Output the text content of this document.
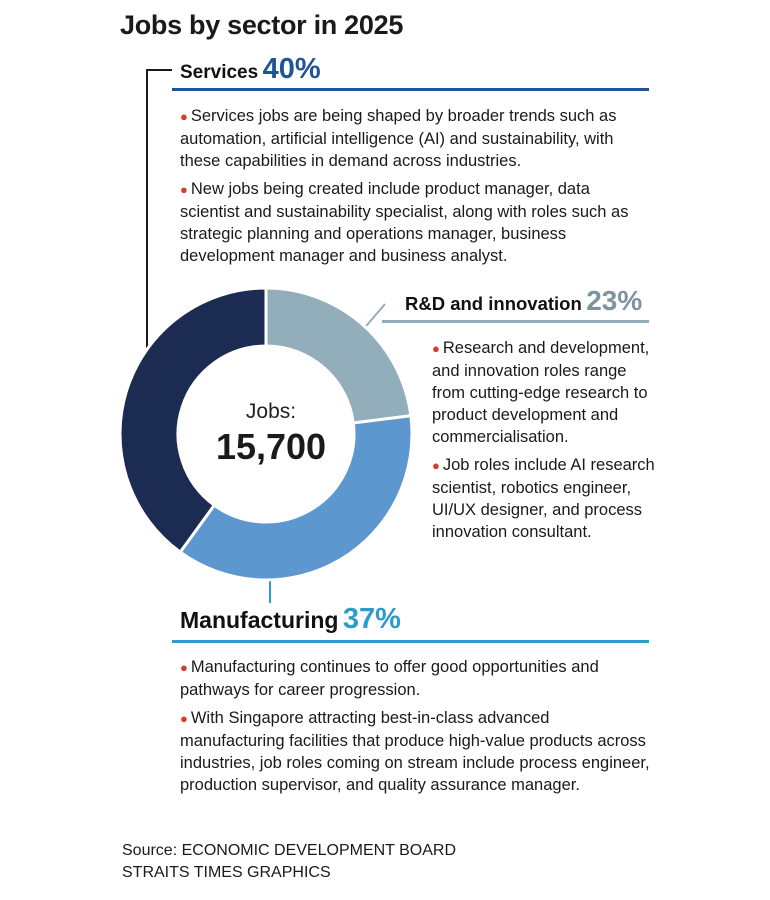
Jobs by sector in 2025
Services 40%
● Services jobs are being shaped by broader trends such as automation, artificial intelligence (AI) and sustainability, with these capabilities in demand across industries.
● New jobs being created include product manager, data scientist and sustainability specialist, along with roles such as strategic planning and operations manager, business development manager and business analyst.
R&D and innovation 23%
● Research and development, and innovation roles range from cutting-edge research to product development and commercialisation.
● Job roles include AI research scientist, robotics engineer, UI/UX designer, and process innovation consultant.
Manufacturing 37%
● Manufacturing continues to offer good opportunities and pathways for career progression.
● With Singapore attracting best-in-class advanced manufacturing facilities that produce high-value products across industries, job roles coming on stream include process engineer, production supervisor, and quality assurance manager.
Jobs:
15,700
Source: ECONOMIC DEVELOPMENT BOARD
STRAITS TIMES GRAPHICS
